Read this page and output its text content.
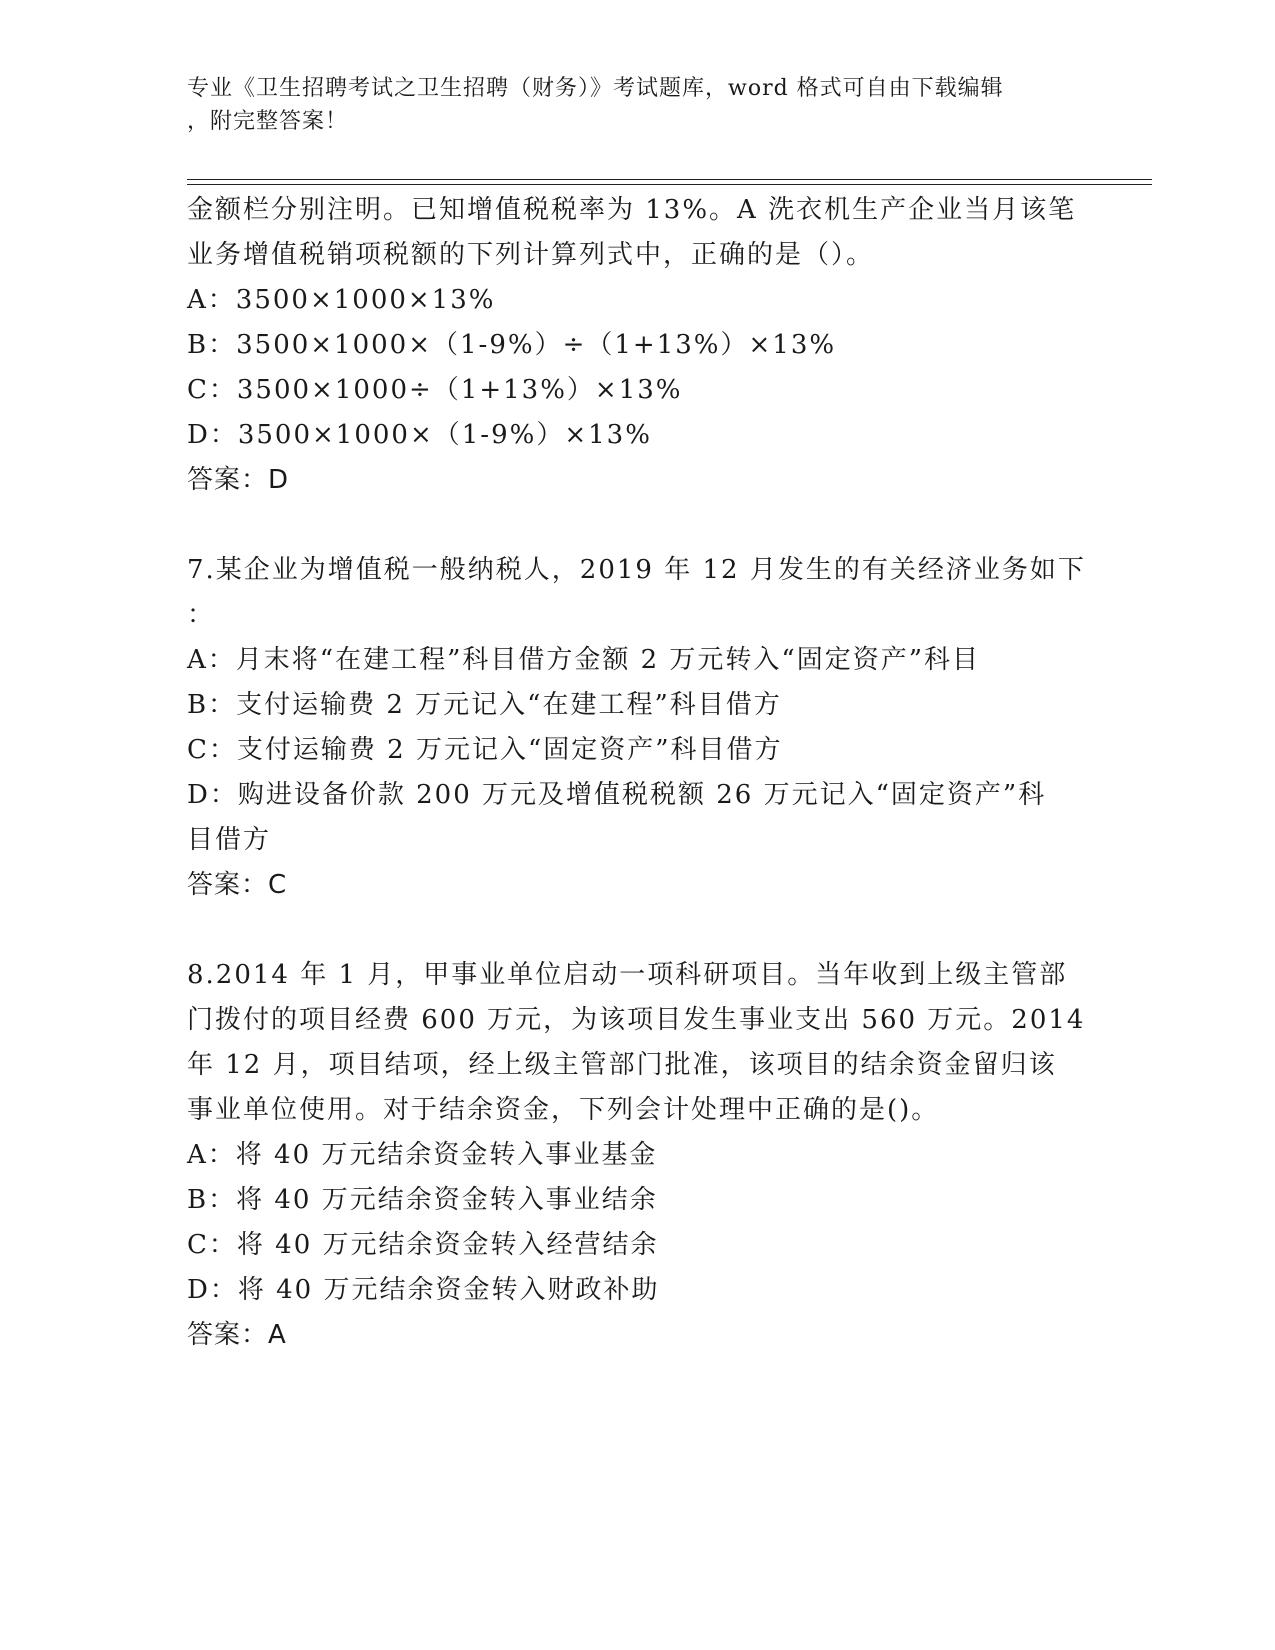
专业《卫生招聘考试之卫生招聘（财务）》考试题库，word 格式可自由下载编辑
，附完整答案！
金额栏分别注明。已知增值税税率为 13%。A 洗衣机生产企业当月该笔
业务增值税销项税额的下列计算列式中，正确的是（）。
A：3500×1000×13%
B：3500×1000×（1-9%）÷（1+13%）×13%
C：3500×1000÷（1+13%）×13%
D：3500×1000×（1-9%）×13%
答案：D
7.某企业为增值税一般纳税人，2019 年 12 月发生的有关经济业务如下
：
A：月末将“在建工程”科目借方金额 2 万元转入“固定资产”科目
B：支付运输费 2 万元记入“在建工程”科目借方
C：支付运输费 2 万元记入“固定资产”科目借方
D：购进设备价款 200 万元及增值税税额 26 万元记入“固定资产”科
目借方
答案：C
8.2014 年 1 月，甲事业单位启动一项科研项目。当年收到上级主管部
门拨付的项目经费 600 万元，为该项目发生事业支出 560 万元。2014
年 12 月，项目结项，经上级主管部门批准，该项目的结余资金留归该
事业单位使用。对于结余资金，下列会计处理中正确的是()。
A：将 40 万元结余资金转入事业基金
B：将 40 万元结余资金转入事业结余
C：将 40 万元结余资金转入经营结余
D：将 40 万元结余资金转入财政补助
答案：A
